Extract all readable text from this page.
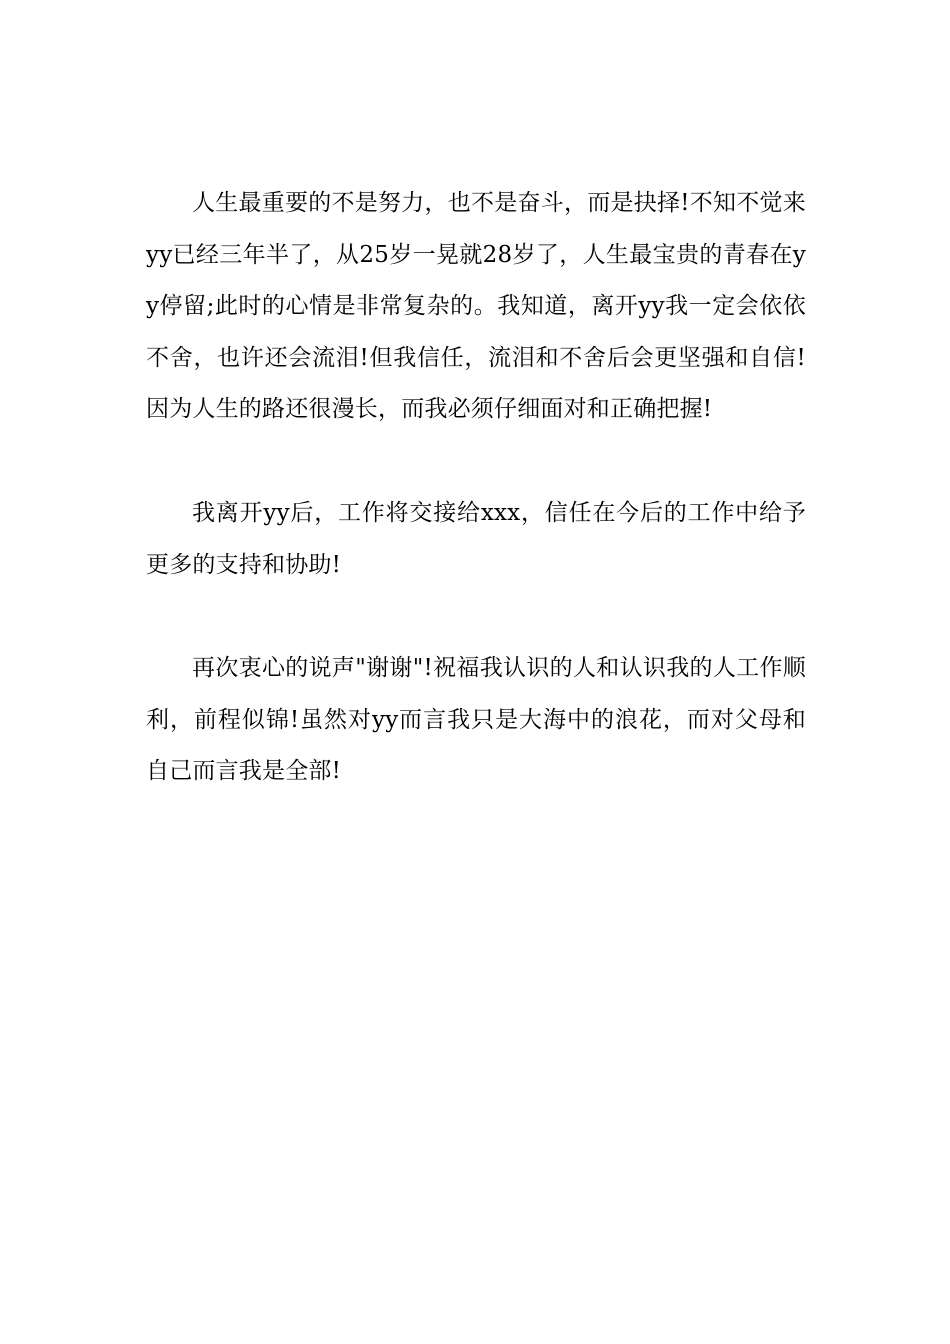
人生最重要的不是努力，也不是奋斗，而是抉择!不知不觉来yy已经三年半了，从25岁一晃就28岁了，人生最宝贵的青春在yy停留;此时的心情是非常复杂的。我知道，离开yy我一定会依依不舍，也许还会流泪!但我信任，流泪和不舍后会更坚强和自信!因为人生的路还很漫长，而我必须仔细面对和正确把握!

我离开yy后，工作将交接给xxx，信任在今后的工作中给予更多的支持和协助!

再次衷心的说声"谢谢"!祝福我认识的人和认识我的人工作顺利，前程似锦!虽然对yy而言我只是大海中的浪花，而对父母和自己而言我是全部!
